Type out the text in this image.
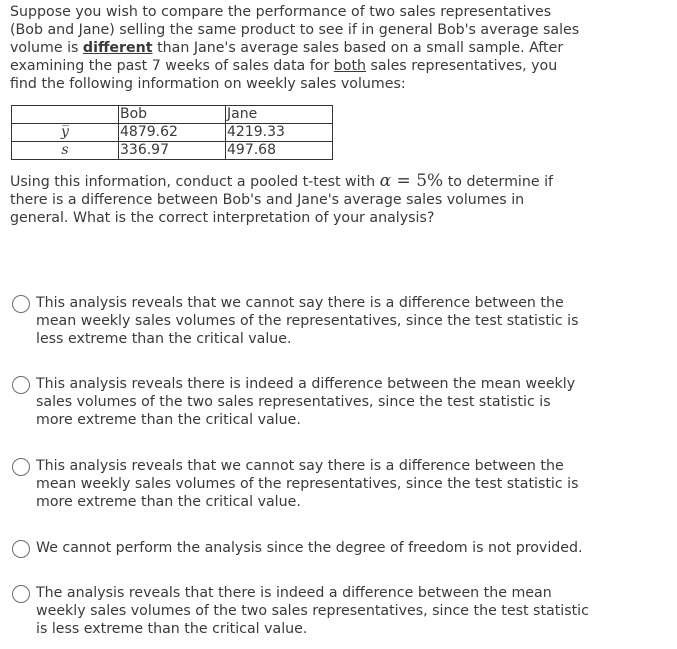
Suppose you wish to compare the performance of two sales representatives (Bob and Jane) selling the same product to see if in general Bob's average sales volume is different than Jane's average sales based on a small sample. After examining the past 7 weeks of sales data for both sales representatives, you find the following information on weekly sales volumes:

	Bob	Jane
y̅	4879.62	4219.33
s	336.97	497.68

Using this information, conduct a pooled t-test with α = 5% to determine if there is a difference between Bob's and Jane's average sales volumes in general. What is the correct interpretation of your analysis?

This analysis reveals that we cannot say there is a difference between the mean weekly sales volumes of the representatives, since the test statistic is less extreme than the critical value.
This analysis reveals there is indeed a difference between the mean weekly sales volumes of the two sales representatives, since the test statistic is more extreme than the critical value.
This analysis reveals that we cannot say there is a difference between the mean weekly sales volumes of the representatives, since the test statistic is more extreme than the critical value.
We cannot perform the analysis since the degree of freedom is not provided.
The analysis reveals that there is indeed a difference between the mean weekly sales volumes of the two sales representatives, since the test statistic is less extreme than the critical value.
